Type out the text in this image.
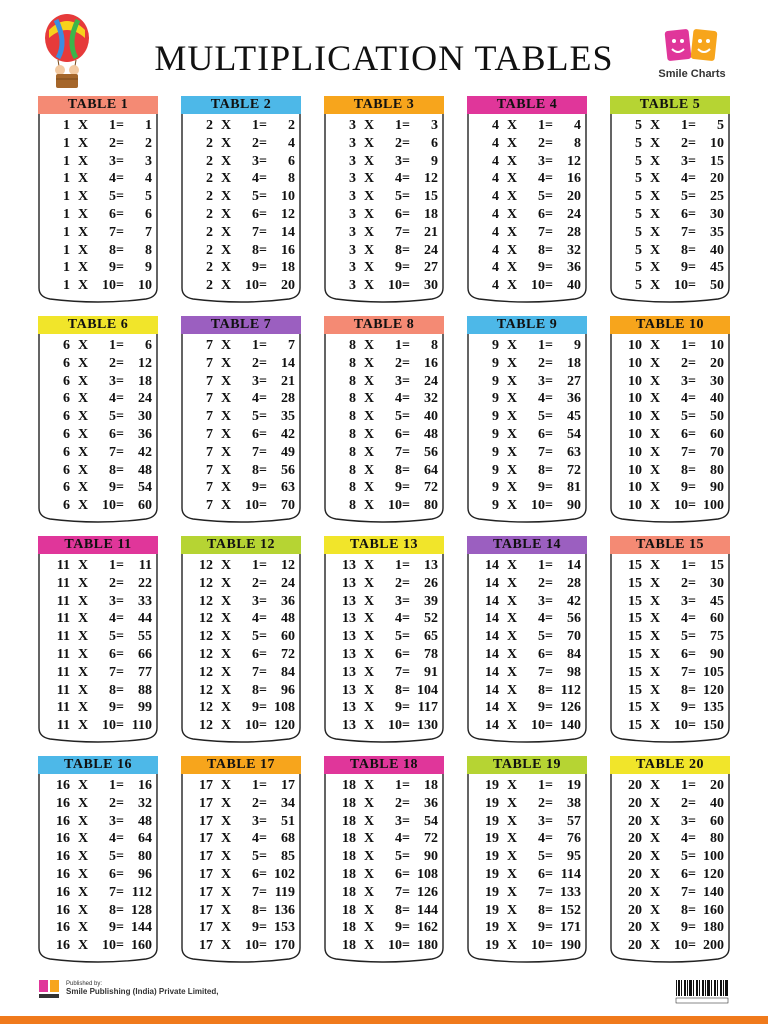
MULTIPLICATION TABLES	Smile Charts
TABLE 1
1 X	1 = 1
1 X	2 = 2
1 X	3 = 3
1 X	4 = 4
1 X	5 = 5
1 X	6 = 6
1 X	7 = 7
1 X	8 = 8
1 X	9 = 9
1 X 10 = 10
TABLE 2
2 X	1 = 2
2 X	2 = 4
2 X	3 = 6
2 X	4 = 8
2 X	5 = 10
2 X	6 = 12
2 X	7 = 14
2 X	8 = 16
2 X	9 = 18
2 X 10 = 20
TABLE 3
3 X	1 = 3
3 X	2 = 6
3 X	3 = 9
3 X	4 = 12
3 X	5 = 15
3 X	6 = 18
3 X	7 = 21
3 X	8 = 24
3 X	9 = 27
3 X 10 = 30
TABLE 4
4 X	1 = 4
4 X	2 = 8
4 X	3 = 12
4 X	4 = 16
4 X	5 = 20
4 X	6 = 24
4 X	7 = 28
4 X	8 = 32
4 X	9 = 36
4 X 10 = 40
TABLE 5
5 X	1 = 5
5 X	2 = 10
5 X	3 = 15
5 X	4 = 20
5 X	5 = 25
5 X	6 = 30
5 X	7 = 35
5 X	8 = 40
5 X	9 = 45
5 X 10 = 50
TABLE 6
6 X	1 = 6
6 X	2 = 12
6 X	3 = 18
6 X	4 = 24
6 X	5 = 30
6 X	6 = 36
6 X	7 = 42
6 X	8 = 48
6 X	9 = 54
6 X 10 = 60
TABLE 7
7 X	1 = 7
7 X	2 = 14
7 X	3 = 21
7 X	4 = 28
7 X	5 = 35
7 X	6 = 42
7 X	7 = 49
7 X	8 = 56
7 X	9 = 63
7 X 10 = 70
TABLE 8
8 X	1 = 8
8 X	2 = 16
8 X	3 = 24
8 X	4 = 32
8 X	5 = 40
8 X	6 = 48
8 X	7 = 56
8 X	8 = 64
8 X	9 = 72
8 X 10 = 80
TABLE 9
9 X	1 = 9
9 X	2 = 18
9 X	3 = 27
9 X	4 = 36
9 X	5 = 45
9 X	6 = 54
9 X	7 = 63
9 X	8 = 72
9 X	9 = 81
9 X 10 = 90
TABLE 10
10 X	1 = 10
10 X	2 = 20
10 X	3 = 30
10 X	4 = 40
10 X	5 = 50
10 X	6 = 60
10 X	7 = 70
10 X	8 = 80
10 X	9 = 90
10 X 10 = 100
TABLE 11
11 X	1 = 11
11 X	2 = 22
11 X	3 = 33
11 X	4 = 44
11 X	5 = 55
11 X	6 = 66
11 X	7 = 77
11 X	8 = 88
11 X	9 = 99
11 X 10 = 110
TABLE 12
12 X	1 = 12
12 X	2 = 24
12 X	3 = 36
12 X	4 = 48
12 X	5 = 60
12 X	6 = 72
12 X	7 = 84
12 X	8 = 96
12 X	9 = 108
12 X 10 = 120
TABLE 13
13 X	1 = 13
13 X	2 = 26
13 X	3 = 39
13 X	4 = 52
13 X	5 = 65
13 X	6 = 78
13 X	7 = 91
13 X	8 = 104
13 X	9 = 117
13 X 10 = 130
TABLE 14
14 X	1 = 14
14 X	2 = 28
14 X	3 = 42
14 X	4 = 56
14 X	5 = 70
14 X	6 = 84
14 X	7 = 98
14 X	8 = 112
14 X	9 = 126
14 X 10 = 140
TABLE 15
15 X	1 = 15
15 X	2 = 30
15 X	3 = 45
15 X	4 = 60
15 X	5 = 75
15 X	6 = 90
15 X	7 = 105
15 X	8 = 120
15 X	9 = 135
15 X 10 = 150
TABLE 16
16 X	1 = 16
16 X	2 = 32
16 X	3 = 48
16 X	4 = 64
16 X	5 = 80
16 X	6 = 96
16 X	7 = 112
16 X	8 = 128
16 X	9 = 144
16 X 10 = 160
TABLE 17
17 X	1 = 17
17 X	2 = 34
17 X	3 = 51
17 X	4 = 68
17 X	5 = 85
17 X	6 = 102
17 X	7 = 119
17 X	8 = 136
17 X	9 = 153
17 X 10 = 170
TABLE 18
18 X	1 = 18
18 X	2 = 36
18 X	3 = 54
18 X	4 = 72
18 X	5 = 90
18 X	6 = 108
18 X	7 = 126
18 X	8 = 144
18 X	9 = 162
18 X 10 = 180
TABLE 19
19 X	1 = 19
19 X	2 = 38
19 X	3 = 57
19 X	4 = 76
19 X	5 = 95
19 X	6 = 114
19 X	7 = 133
19 X	8 = 152
19 X	9 = 171
19 X 10 = 190
TABLE 20
20 X	1 = 20
20 X	2 = 40
20 X	3 = 60
20 X	4 = 80
20 X	5 = 100
20 X	6 = 120
20 X	7 = 140
20 X	8 = 160
20 X	9 = 180
20 X 10 = 200
Published by:
Smile Publishing (India) Private Limited,
